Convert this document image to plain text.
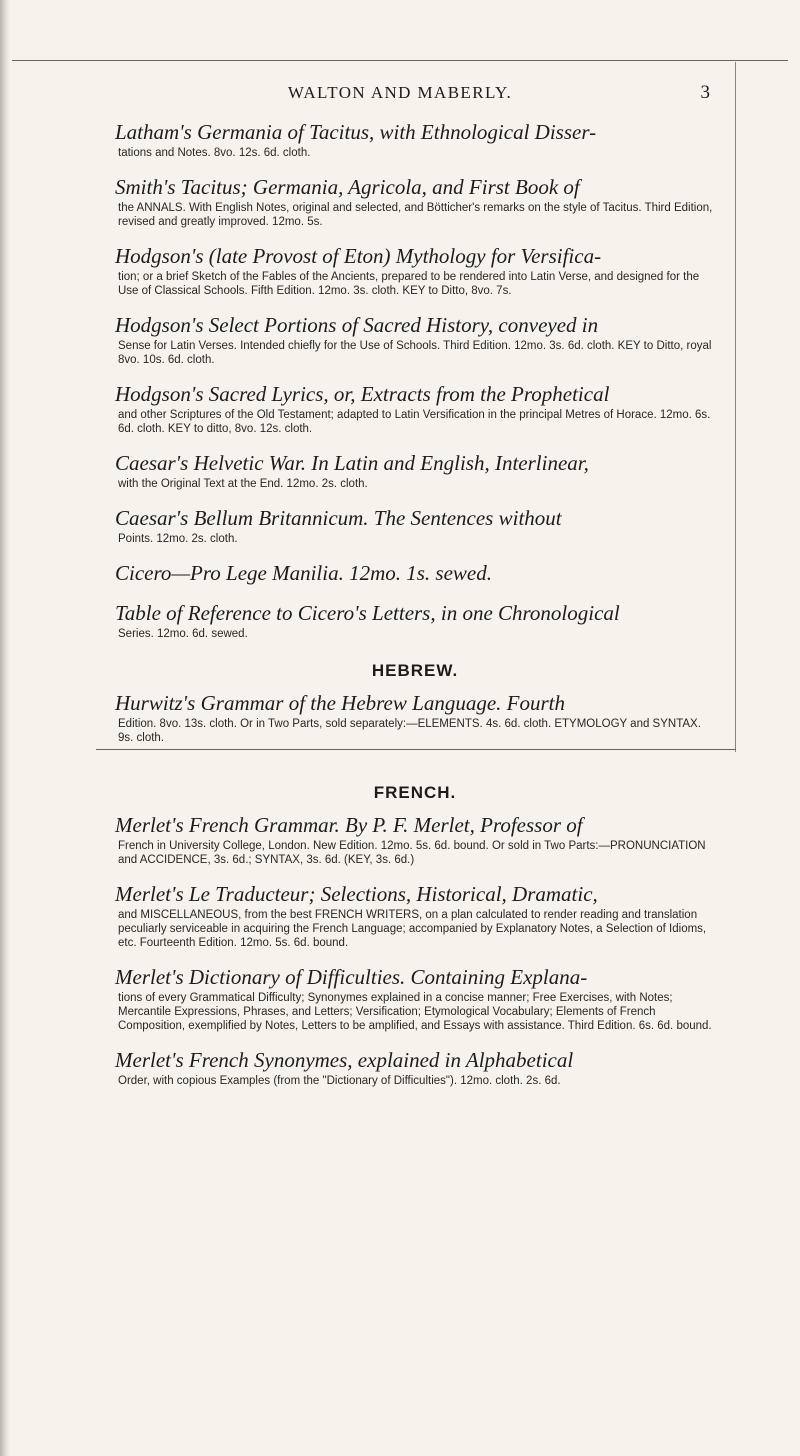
WALTON AND MABERLY.	3

Latham's Germania of Tacitus, with Ethnological Disser-

tations and Notes. 8vo. 12s. 6d. cloth.

Smith's Tacitus; Germania, Agricola, and First Book of

the ANNALS. With English Notes, original and selected, and Bötticher's remarks on the style of Tacitus. Third Edition, revised and greatly improved. 12mo. 5s.

Hodgson's (late Provost of Eton) Mythology for Versifica-

tion; or a brief Sketch of the Fables of the Ancients, prepared to be rendered into Latin Verse, and designed for the Use of Classical Schools. Fifth Edition. 12mo. 3s. cloth. KEY to Ditto, 8vo. 7s.

Hodgson's Select Portions of Sacred History, conveyed in

Sense for Latin Verses. Intended chiefly for the Use of Schools. Third Edition. 12mo. 3s. 6d. cloth. KEY to Ditto, royal 8vo. 10s. 6d. cloth.

Hodgson's Sacred Lyrics, or, Extracts from the Prophetical

and other Scriptures of the Old Testament; adapted to Latin Versification in the principal Metres of Horace. 12mo. 6s. 6d. cloth. KEY to ditto, 8vo. 12s. cloth.

Caesar's Helvetic War. In Latin and English, Interlinear,

with the Original Text at the End. 12mo. 2s. cloth.

Caesar's Bellum Britannicum. The Sentences without

Points. 12mo. 2s. cloth.

Cicero—Pro Lege Manilia. 12mo. 1s. sewed.

Table of Reference to Cicero's Letters, in one Chronological

Series. 12mo. 6d. sewed.

HEBREW.

Hurwitz's Grammar of the Hebrew Language. Fourth

Edition. 8vo. 13s. cloth. Or in Two Parts, sold separately:—ELEMENTS. 4s. 6d. cloth. ETYMOLOGY and SYNTAX. 9s. cloth.

FRENCH.

Merlet's French Grammar. By P. F. Merlet, Professor of

French in University College, London. New Edition. 12mo. 5s. 6d. bound. Or sold in Two Parts:—PRONUNCIATION and ACCIDENCE, 3s. 6d.; SYNTAX, 3s. 6d. (KEY, 3s. 6d.)

Merlet's Le Traducteur; Selections, Historical, Dramatic,

and MISCELLANEOUS, from the best FRENCH WRITERS, on a plan calculated to render reading and translation peculiarly serviceable in acquiring the French Language; accompanied by Explanatory Notes, a Selection of Idioms, etc. Fourteenth Edition. 12mo. 5s. 6d. bound.

Merlet's Dictionary of Difficulties. Containing Explana-

tions of every Grammatical Difficulty; Synonymes explained in a concise manner; Free Exercises, with Notes; Mercantile Expressions, Phrases, and Letters; Versification; Etymological Vocabulary; Elements of French Composition, exemplified by Notes, Letters to be amplified, and Essays with assistance. Third Edition. 6s. 6d. bound.

Merlet's French Synonymes, explained in Alphabetical

Order, with copious Examples (from the "Dictionary of Difficulties"). 12mo. cloth. 2s. 6d.
